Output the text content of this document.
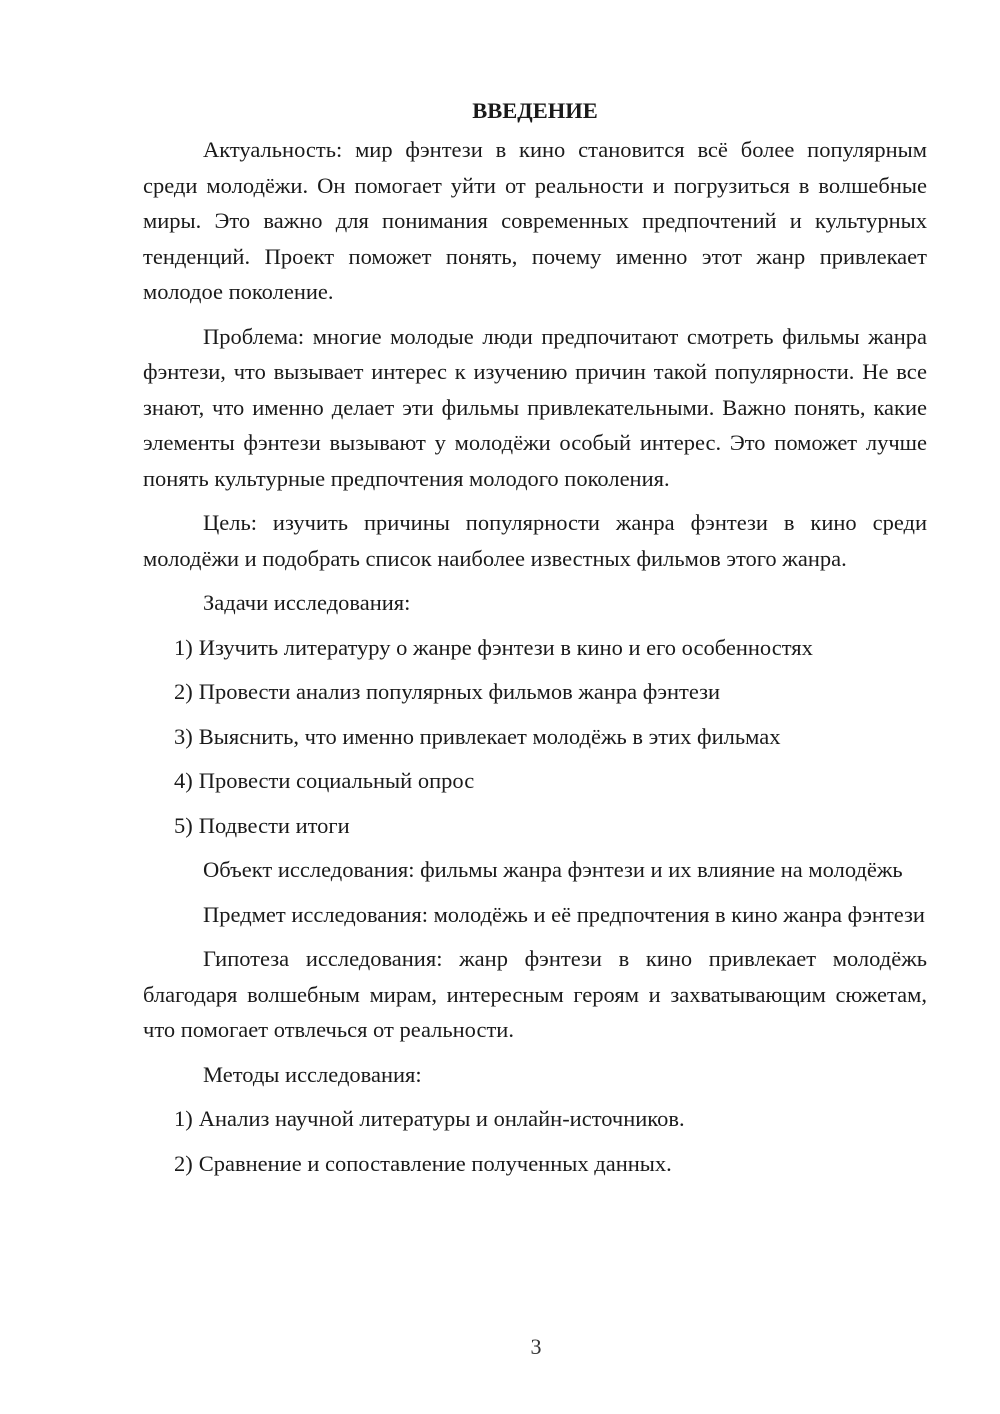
ВВЕДЕНИЕ

Актуальность: мир фэнтези в кино становится всё более популярным среди молодёжи. Он помогает уйти от реальности и погрузиться в волшебные миры. Это важно для понимания современных предпочтений и культурных тенденций. Проект поможет понять, почему именно этот жанр привлекает молодое поколение.

Проблема: многие молодые люди предпочитают смотреть фильмы жанра фэнтези, что вызывает интерес к изучению причин такой популярности. Не все знают, что именно делает эти фильмы привлекательными. Важно понять, какие элементы фэнтези вызывают у молодёжи особый интерес. Это поможет лучше понять культурные предпочтения молодого поколения.

Цель: изучить причины популярности жанра фэнтези в кино среди молодёжи и подобрать список наиболее известных фильмов этого жанра.

Задачи исследования:

1) Изучить литературу о жанре фэнтези в кино и его особенностях
2) Провести анализ популярных фильмов жанра фэнтези
3) Выяснить, что именно привлекает молодёжь в этих фильмах
4) Провести социальный опрос
5) Подвести итоги

Объект исследования: фильмы жанра фэнтези и их влияние на молодёжь

Предмет исследования: молодёжь и её предпочтения в кино жанра фэнтези

Гипотеза исследования: жанр фэнтези в кино привлекает молодёжь благодаря волшебным мирам, интересным героям и захватывающим сюжетам, что помогает отвлечься от реальности.

Методы исследования:

1) Анализ научной литературы и онлайн-источников.
2) Сравнение и сопоставление полученных данных.
3
